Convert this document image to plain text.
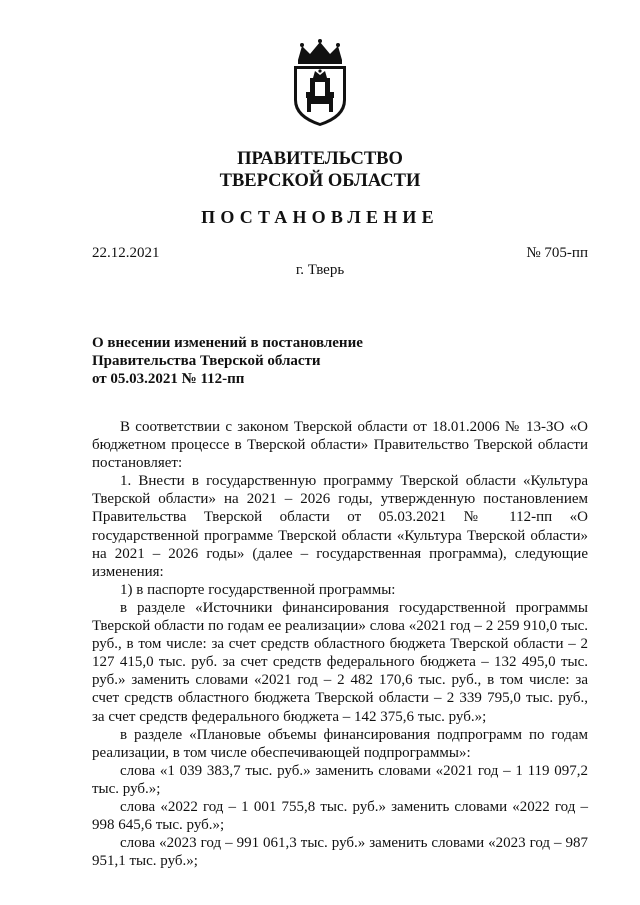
ПРАВИТЕЛЬСТВО
ТВЕРСКОЙ ОБЛАСТИ
ПОСТАНОВЛЕНИЕ
22.12.2021	№ 705-пп
г. Тверь
О внесении изменений в постановление
Правительства Тверской области
от 05.03.2021 № 112-пп
В соответствии с законом Тверской области от 18.01.2006 № 13-ЗО «О бюджетном процессе в Тверской области» Правительство Тверской области постановляет:
1. Внести в государственную программу Тверской области «Культура Тверской области» на 2021 – 2026 годы, утвержденную постановлением Правительства Тверской области от 05.03.2021 № 112-пп «О государственной программе Тверской области «Культура Тверской области» на 2021 – 2026 годы» (далее – государственная программа), следующие изменения:
1) в паспорте государственной программы:
в разделе «Источники финансирования государственной программы Тверской области по годам ее реализации» слова «2021 год – 2 259 910,0 тыс. руб., в том числе: за счет средств областного бюджета Тверской области – 2 127 415,0 тыс. руб. за счет средств федерального бюджета – 132 495,0 тыс. руб.» заменить словами «2021 год – 2 482 170,6 тыс. руб., в том числе: за счет средств областного бюджета Тверской области – 2 339 795,0 тыс. руб., за счет средств федерального бюджета – 142 375,6 тыс. руб.»;
в разделе «Плановые объемы финансирования подпрограмм по годам реализации, в том числе обеспечивающей подпрограммы»:
слова «1 039 383,7 тыс. руб.» заменить словами «2021 год – 1 119 097,2 тыс. руб.»;
слова «2022 год – 1 001 755,8 тыс. руб.» заменить словами «2022 год – 998 645,6 тыс. руб.»;
слова «2023 год – 991 061,3 тыс. руб.» заменить словами «2023 год – 987 951,1 тыс. руб.»;
